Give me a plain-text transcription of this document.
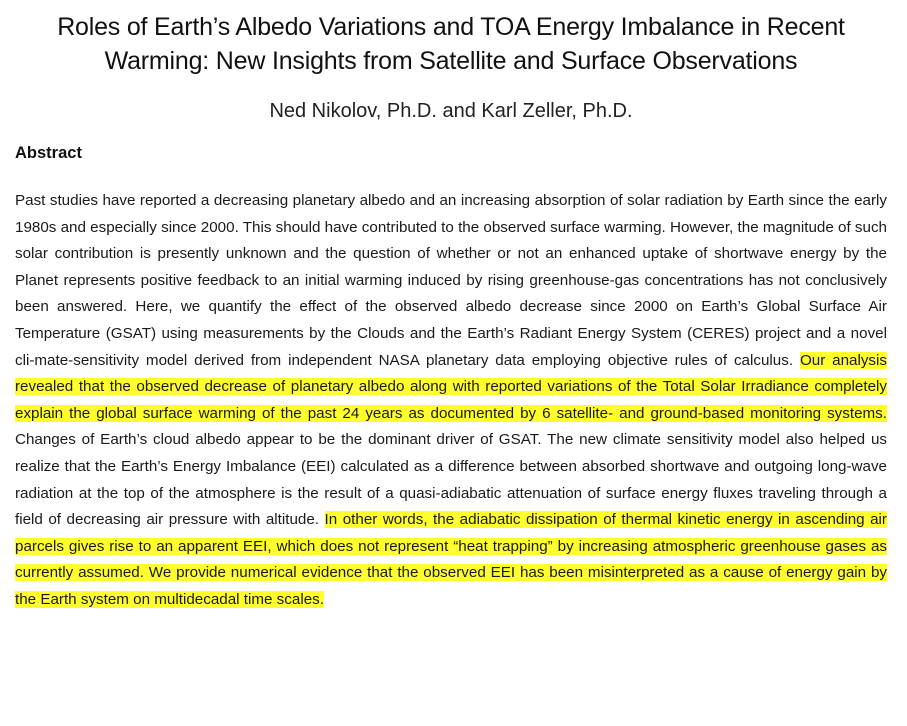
Roles of Earth’s Albedo Variations and TOA Energy Imbalance in Recent Warming: New Insights from Satellite and Surface Observations
Ned Nikolov, Ph.D. and Karl Zeller, Ph.D.
Abstract

Past studies have reported a decreasing planetary albedo and an increasing absorption of solar radiation by Earth since the early 1980s and especially since 2000. This should have contributed to the observed surface warming. However, the magnitude of such solar contribution is presently unknown and the question of whether or not an enhanced uptake of shortwave energy by the Planet represents positive feedback to an initial warming induced by rising greenhouse-gas concentrations has not conclusively been answered. Here, we quantify the effect of the observed albedo decrease since 2000 on Earth’s Global Surface Air Temperature (GSAT) using measurements by the Clouds and the Earth’s Radiant Energy System (CERES) project and a novel cli-mate-sensitivity model derived from independent NASA planetary data employing objective rules of calculus. Our analysis revealed that the observed decrease of planetary albedo along with reported variations of the Total Solar Irradiance completely explain the global surface warming of the past 24 years as documented by 6 satellite- and ground-based monitoring systems. Changes of Earth’s cloud albedo appear to be the dominant driver of GSAT. The new climate sensitivity model also helped us realize that the Earth’s Energy Imbalance (EEI) calculated as a difference between absorbed shortwave and outgoing long-wave radiation at the top of the atmosphere is the result of a quasi-adiabatic attenuation of surface energy fluxes traveling through a field of decreasing air pressure with altitude. In other words, the adiabatic dissipation of thermal kinetic energy in ascending air parcels gives rise to an apparent EEI, which does not represent “heat trapping” by increasing atmospheric greenhouse gases as currently assumed. We provide numerical evidence that the observed EEI has been misinterpreted as a cause of energy gain by the Earth system on multidecadal time scales.
